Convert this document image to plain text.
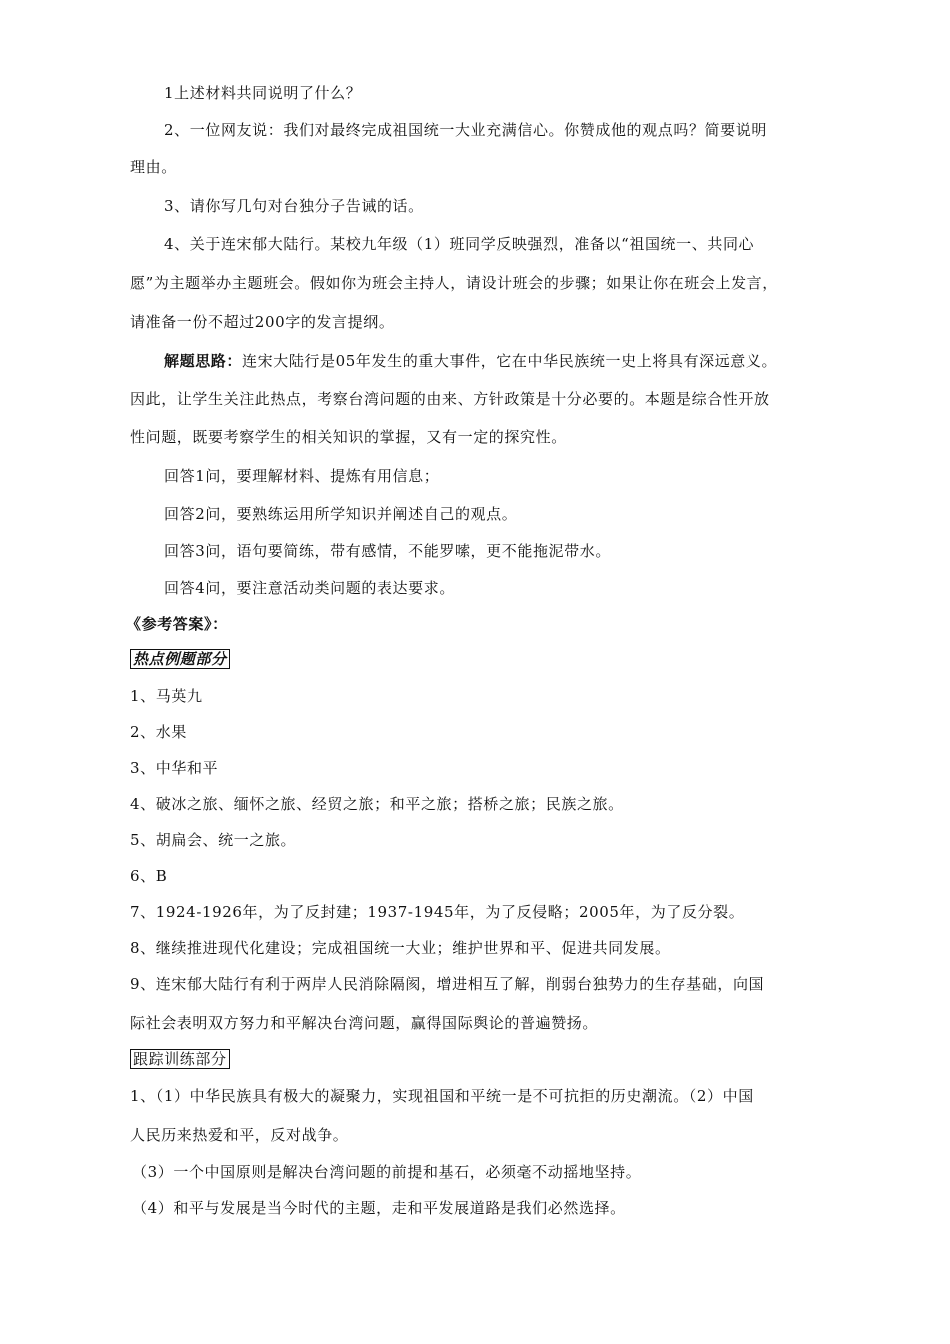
1上述材料共同说明了什么？
2、一位网友说：我们对最终完成祖国统一大业充满信心。你赞成他的观点吗？简要说明
理由。
3、请你写几句对台独分子告诫的话。
4、关于连宋郁大陆行。某校九年级（1）班同学反映强烈，准备以“祖国统一、共同心
愿”为主题举办主题班会。假如你为班会主持人，请设计班会的步骤；如果让你在班会上发言，
请准备一份不超过200字的发言提纲。
解题思路：连宋大陆行是05年发生的重大事件，它在中华民族统一史上将具有深远意义。
因此，让学生关注此热点，考察台湾问题的由来、方针政策是十分必要的。本题是综合性开放
性问题，既要考察学生的相关知识的掌握，又有一定的探究性。
回答1问，要理解材料、提炼有用信息；
回答2问，要熟练运用所学知识并阐述自己的观点。
回答3问，语句要简练，带有感情，不能罗嗦，更不能拖泥带水。
回答4问，要注意活动类问题的表达要求。
《参考答案》：
热点例题部分
1、马英九
2、水果
3、中华和平
4、破冰之旅、缅怀之旅、经贸之旅；和平之旅；搭桥之旅；民族之旅。
5、胡扁会、统一之旅。
6、B
7、1924-1926年，为了反封建；1937-1945年，为了反侵略；2005年，为了反分裂。
8、继续推进现代化建设；完成祖国统一大业；维护世界和平、促进共同发展。
9、连宋郁大陆行有利于两岸人民消除隔阂，增进相互了解，削弱台独势力的生存基础，向国
际社会表明双方努力和平解决台湾问题，赢得国际舆论的普遍赞扬。
跟踪训练部分
1、（1）中华民族具有极大的凝聚力，实现祖国和平统一是不可抗拒的历史潮流。（2）中国
人民历来热爱和平，反对战争。
（3）一个中国原则是解决台湾问题的前提和基石，必须毫不动摇地坚持。
（4）和平与发展是当今时代的主题，走和平发展道路是我们必然选择。
